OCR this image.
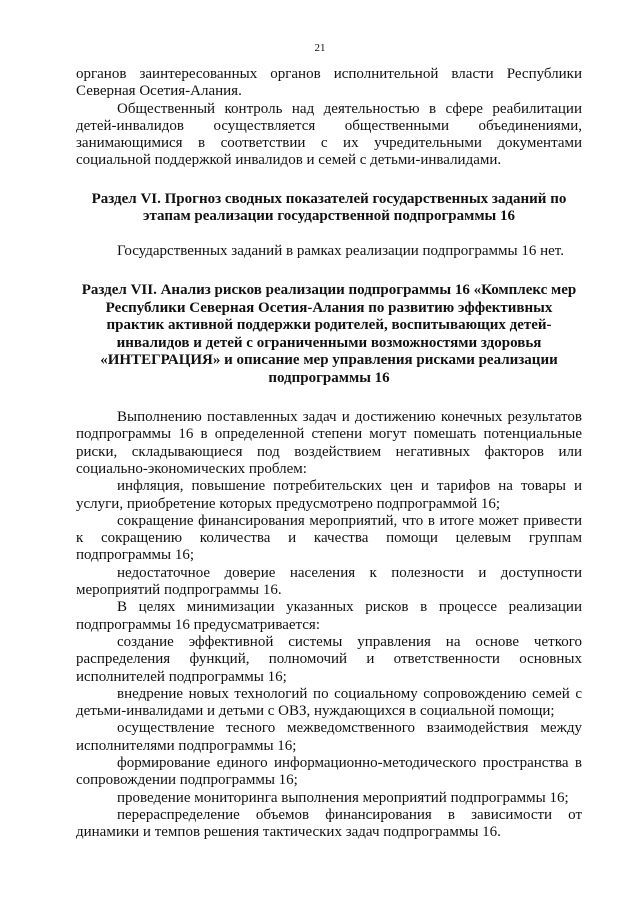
21

органов заинтересованных органов исполнительной власти Республики Северная Осетия-Алания.

Общественный контроль над деятельностью в сфере реабилитации детей-инвалидов осуществляется общественными объединениями, занимающимися в соответствии с их учредительными документами социальной поддержкой инвалидов и семей с детьми-инвалидами.

Раздел VI. Прогноз сводных показателей государственных заданий по этапам реализации государственной подпрограммы 16

Государственных заданий в рамках реализации подпрограммы 16 нет.

Раздел VII. Анализ рисков реализации подпрограммы 16 «Комплекс мер Республики Северная Осетия-Алания по развитию эффективных практик активной поддержки родителей, воспитывающих детей-инвалидов и детей с ограниченными возможностями здоровья «ИНТЕГРАЦИЯ» и описание мер управления рисками реализации подпрограммы 16

Выполнению поставленных задач и достижению конечных результатов подпрограммы 16 в определенной степени могут помешать потенциальные риски, складывающиеся под воздействием негативных факторов или социально-экономических проблем:

инфляция, повышение потребительских цен и тарифов на товары и услуги, приобретение которых предусмотрено подпрограммой 16;

сокращение финансирования мероприятий, что в итоге может привести к сокращению количества и качества помощи целевым группам подпрограммы 16;

недостаточное доверие населения к полезности и доступности мероприятий подпрограммы 16.

В целях минимизации указанных рисков в процессе реализации подпрограммы 16 предусматривается:

создание эффективной системы управления на основе четкого распределения функций, полномочий и ответственности основных исполнителей подпрограммы 16;

внедрение новых технологий по социальному сопровождению семей с детьми-инвалидами и детьми с ОВЗ, нуждающихся в социальной помощи;

осуществление тесного межведомственного взаимодействия между исполнителями подпрограммы 16;

формирование единого информационно-методического пространства в сопровождении подпрограммы 16;

проведение мониторинга выполнения мероприятий подпрограммы 16;

перераспределение объемов финансирования в зависимости от динамики и темпов решения тактических задач подпрограммы 16.
